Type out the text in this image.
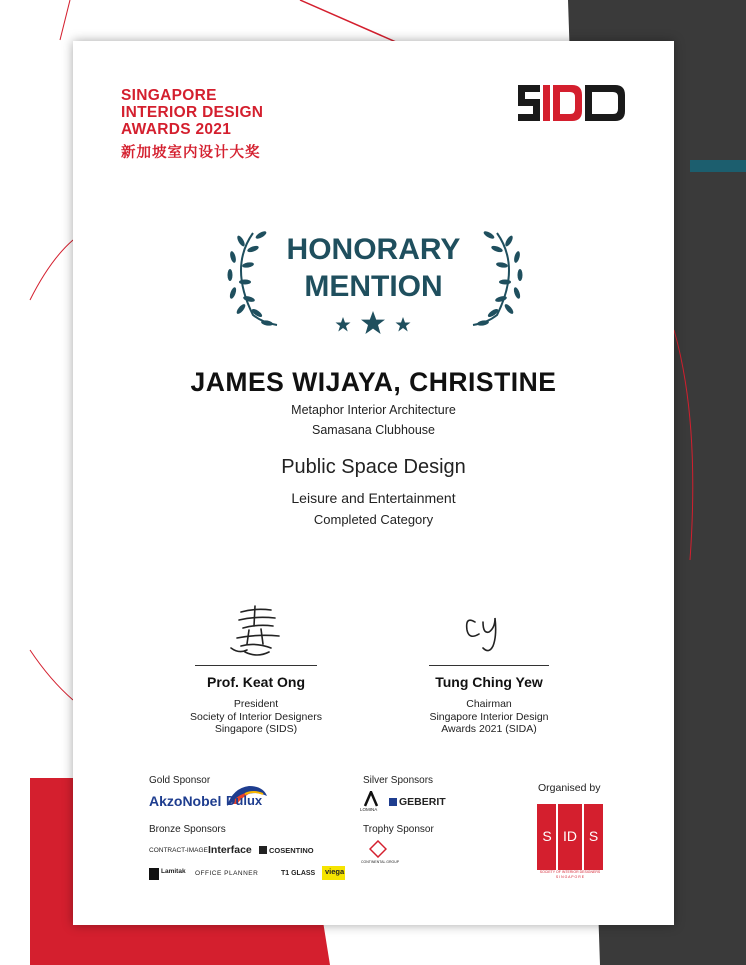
SINGAPORE
INTERIOR DESIGN
AWARDS 2021
新加坡室内设计大奖
HONORARY
MENTION
JAMES WIJAYA, CHRISTINE
Metaphor Interior Architecture
Samasana Clubhouse
Public Space Design
Leisure and Entertainment
Completed Category
Prof. Keat Ong
President
Society of Interior Designers
Singapore (SIDS)
Tung Ching Yew
Chairman
Singapore Interior Design
Awards 2021 (SIDA)
Gold Sponsor
AkzoNobel Dulux
Bronze Sponsors
CONTRACT-IMAGE Interface COSENTINO
Lamitak OFFICE PLANNER	T1 GLASS viega
Silver Sponsors
LOMINA
GEBERIT
Trophy Sponsor
CONTINENTAL GROUP
Organised by
S ID S
SOCIETY OF INTERIOR DESIGNERS
S I N G A P O R E
